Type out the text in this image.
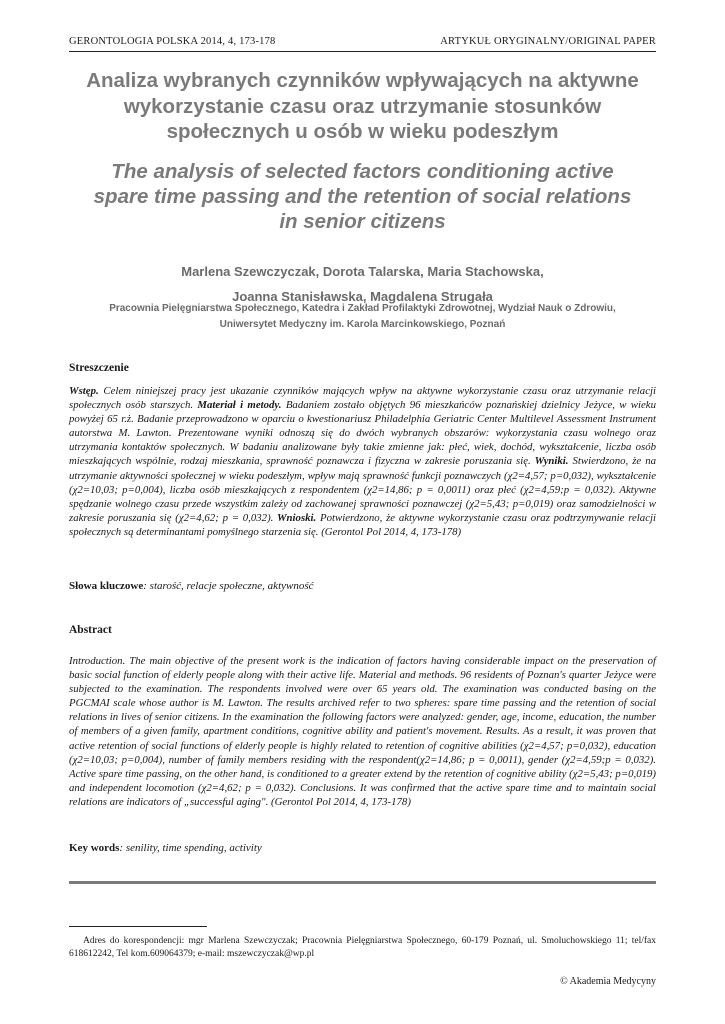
GERONTOLOGIA POLSKA 2014, 4, 173-178	ARTYKUŁ ORYGINALNY/ORIGINAL PAPER
Analiza wybranych czynników wpływających na aktywne
wykorzystanie czasu oraz utrzymanie stosunków
społecznych u osób w wieku podeszłym
The analysis of selected factors conditioning active
spare time passing and the retention of social relations
in senior citizens
Marlena Szewczyczak, Dorota Talarska, Maria Stachowska,
Joanna Stanisławska, Magdalena Strugała
Pracownia Pielęgniarstwa Społecznego, Katedra i Zakład Profilaktyki Zdrowotnej, Wydział Nauk o Zdrowiu,
Uniwersytet Medyczny im. Karola Marcinkowskiego, Poznań
Streszczenie

Wstęp. Celem niniejszej pracy jest ukazanie czynników mających wpływ na aktywne wykorzystanie czasu oraz utrzymanie relacji społecznych osób starszych. Materiał i metody. Badaniem zostało objętych 96 mieszkańców poznańskiej dzielnicy Jeżyce, w wieku powyżej 65 r.ż. Badanie przeprowadzono w oparciu o kwestionariusz Philadelphia Geriatric Center Multilevel Assessment Instrument autorstwa M. Lawton. Prezentowane wyniki odnoszą się do dwóch wybranych obszarów: wykorzystania czasu wolnego oraz utrzymania kontaktów społecznych. W badaniu analizowane były takie zmienne jak: płeć, wiek, dochód, wykształcenie, liczba osób mieszkających wspólnie, rodzaj mieszkania, sprawność poznawcza i fizyczna w zakresie poruszania się. Wyniki. Stwierdzono, że na utrzymanie aktywności społecznej w wieku podeszłym, wpływ mają sprawność funkcji poznawczych (χ2=4,57; p=0,032), wykształcenie (χ2=10,03; p=0,004), liczba osób mieszkających z respondentem (χ2=14,86; p = 0,0011) oraz płeć (χ2=4,59;p = 0,032). Aktywne spędzanie wolnego czasu przede wszystkim zależy od zachowanej sprawności poznawczej (χ2=5,43; p=0,019) oraz samodzielności w zakresie poruszania się (χ2=4,62; p = 0,032). Wnioski. Potwierdzono, że aktywne wykorzystanie czasu oraz podtrzymywanie relacji społecznych są determinantami pomyślnego starzenia się. (Gerontol Pol 2014, 4, 173-178)

Słowa kluczowe: starość, relacje społeczne, aktywność
Abstract

Introduction. The main objective of the present work is the indication of factors having considerable impact on the preservation of basic social function of elderly people along with their active life. Material and methods. 96 residents of Poznan's quarter Jeżyce were subjected to the examination. The respondents involved were over 65 years old. The examination was conducted basing on the PGCMAI scale whose author is M. Lawton. The results archived refer to two spheres: spare time passing and the retention of social relations in lives of senior citizens. In the examination the following factors were analyzed: gender, age, income, education, the number of members of a given family, apartment conditions, cognitive ability and patient's movement. Results. As a result, it was proven that active retention of social functions of elderly people is highly related to retention of cognitive abilities (χ2=4,57; p=0,032), education (χ2=10,03; p=0,004), number of family members residing with the respondent(χ2=14,86; p = 0,0011), gender (χ2=4,59;p = 0,032). Active spare time passing, on the other hand, is conditioned to a greater extend by the retention of cognitive ability (χ2=5,43; p=0,019) and independent locomotion (χ2=4,62; p = 0,032). Conclusions. It was confirmed that the active spare time and to maintain social relations are indicators of „successful aging". (Gerontol Pol 2014, 4, 173-178)

Key words: senility, time spending, activity
Adres do korespondencji: mgr Marlena Szewczyczak; Pracownia Pielęgniarstwa Społecznego, 60-179 Poznań, ul. Smoluchowskiego 11; tel/fax 618612242, Tel kom.609064379; e-mail: mszewczyczak@wp.pl
© Akademia Medycyny
